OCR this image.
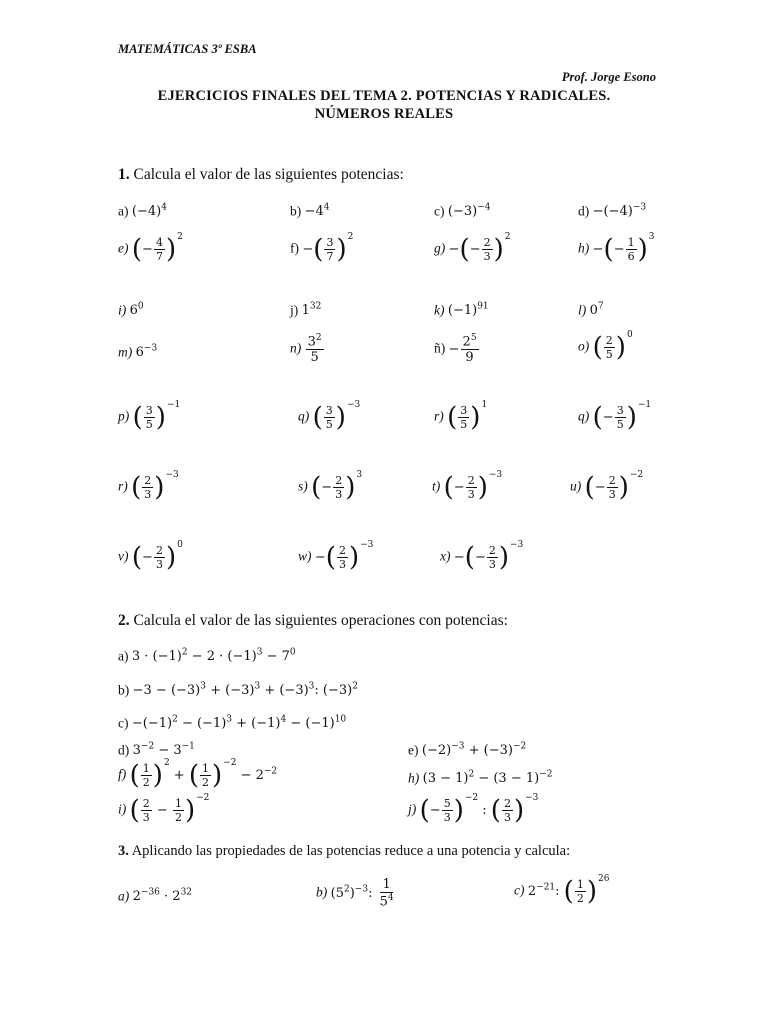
MATEMÁTICAS 3º ESBA
Prof. Jorge Esono
EJERCICIOS FINALES DEL TEMA 2. POTENCIAS Y RADICALES.
NÚMEROS REALES
1. Calcula el valor de las siguientes potencias:
a) $(-4)^4$	$b) -4^4$	c) $(-3)^{-4}$	$d) -(-4)^{-3}$
e) (− $\frac{4}{7} )^2$
f) −( $\frac{3}{7} )^2$
g) −(− $\frac{2}{3} )^2$
h) −(− $\frac{1}{6} )^3$
i) $6^0$	j) $1^{32}$	k) $(-1)^{91}$	l) $0^7$
m) $6^{-3}$	$n) \frac{3^2}{5}$	ñ) − $\frac{2^5}{9}$	o) ( $\frac{2}{5} )^0$
p) ( $\frac{3}{5} )^{-1}$
q) ( $\frac{3}{5} )^{-3}$
r) ( $\frac{3}{5} )^1$
q) (− $\frac{3}{5} )^{-1}$
r) ( $\frac{2}{3} )^{-3}$
s) (− $\frac{2}{3} )^3$
t) (− $\frac{2}{3} )^{-3}$
u) (− $\frac{2}{3} )^{-2}$
v) (− $\frac{2}{3} )^0$
w) −( $\frac{2}{3} )^{-3}$
x) −(− $\frac{2}{3} )^{-3}$
2. Calcula el valor de las siguientes operaciones con potencias:
a) $3 \cdot (-1)^2 - 2 \cdot (-1)^3 - 7^0$
$b) -3 - (-3)^3 + (-3)^3 + (-3)^3$: $(-3)^2$
$c) -(-1)^2 - (-1)^3 + (-1)^4 - (-1)^{10}$
d) $3^{-2} - 3^{-1}$	e) $(-2)^{-3} + (-3)^{-2}$
f) ( $\frac{1}{2} )^2$ + ( $\frac{1}{2} )^{-2} - 2^{-2}$	h) $(3 - 1)^2 - (3 - 1)^{-2}$
i) ( $\frac{2}{3} - \frac{1}{2} )^{-2}$
j) (− $\frac{5}{3} )^{-2}$ : ( $\frac{2}{3} )^{-3}$
3. Aplicando las propiedades de las potencias reduce a una potencia y calcula:
a) $2^{-36} \cdot 2^{32}$	b) $(5^2)^{-3}$: $\frac{1}{5^4}$	c) $2^{-21}$: ( $\frac{1}{2} )^{26}$
